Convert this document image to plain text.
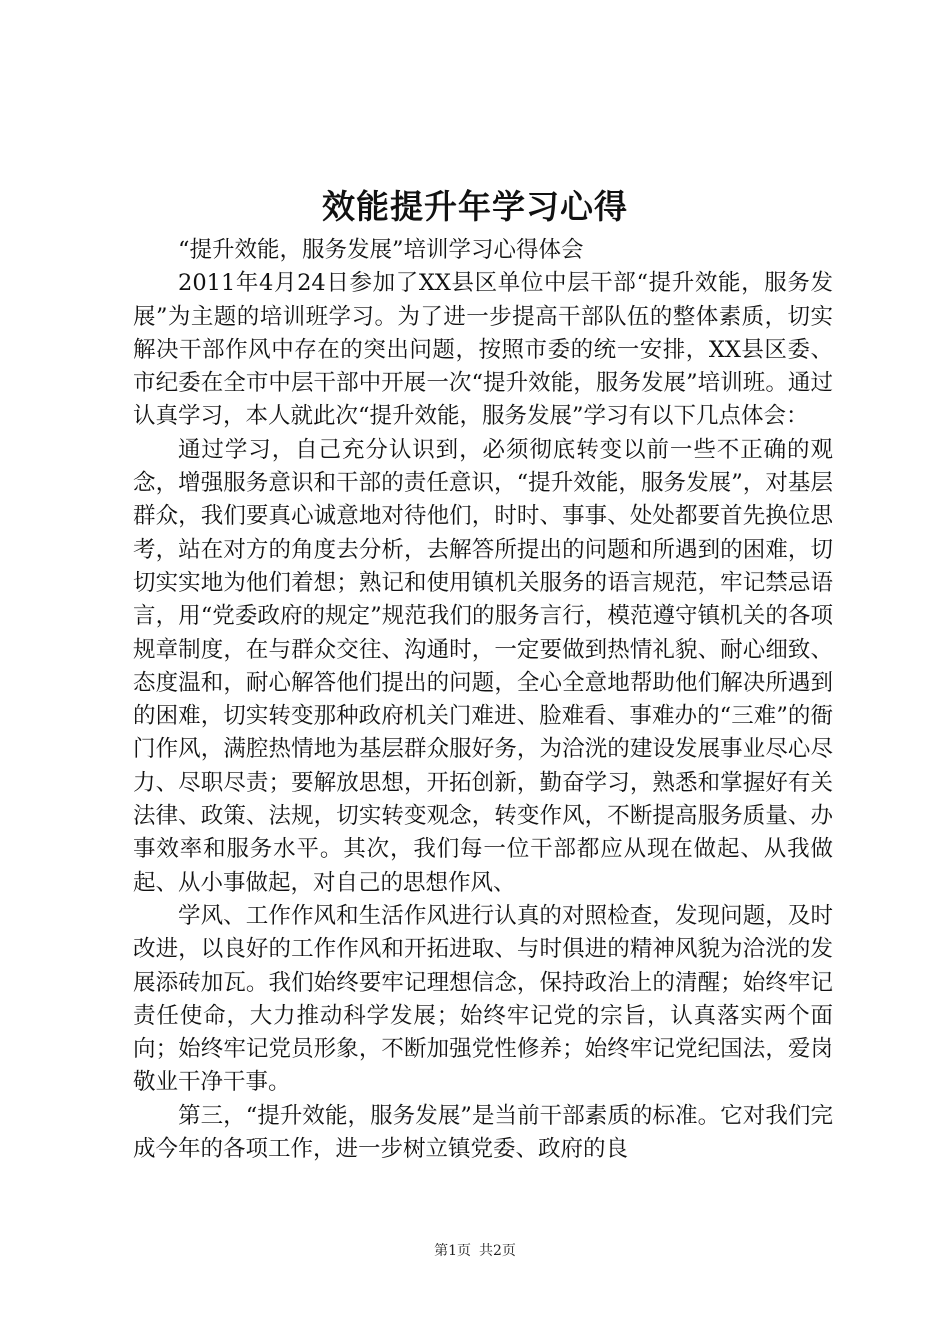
效能提升年学习心得

“提升效能，服务发展”培训学习心得体会

2011年4月24日参加了XX县区单位中层干部“提升效能，服务发展”为主题的培训班学习。为了进一步提高干部队伍的整体素质，切实解决干部作风中存在的突出问题，按照市委的统一安排，XX县区委、市纪委在全市中层干部中开展一次“提升效能，服务发展”培训班。通过认真学习，本人就此次“提升效能，服务发展”学习有以下几点体会：

通过学习，自己充分认识到，必须彻底转变以前一些不正确的观念，增强服务意识和干部的责任意识，“提升效能，服务发展”，对基层群众，我们要真心诚意地对待他们，时时、事事、处处都要首先换位思考，站在对方的角度去分析，去解答所提出的问题和所遇到的困难，切切实实地为他们着想；熟记和使用镇机关服务的语言规范，牢记禁忌语言，用“党委政府的规定”规范我们的服务言行，模范遵守镇机关的各项规章制度，在与群众交往、沟通时，一定要做到热情礼貌、耐心细致、态度温和，耐心解答他们提出的问题，全心全意地帮助他们解决所遇到的困难，切实转变那种政府机关门难进、脸难看、事难办的“三难”的衙门作风，满腔热情地为基层群众服好务，为洽洸的建设发展事业尽心尽力、尽职尽责；要解放思想，开拓创新，勤奋学习，熟悉和掌握好有关法律、政策、法规，切实转变观念，转变作风，不断提高服务质量、办事效率和服务水平。其次，我们每一位干部都应从现在做起、从我做起、从小事做起，对自己的思想作风、

学风、工作作风和生活作风进行认真的对照检查，发现问题，及时改进，以良好的工作作风和开拓进取、与时俱进的精神风貌为洽洸的发展添砖加瓦。我们始终要牢记理想信念，保持政治上的清醒；始终牢记责任使命，大力推动科学发展；始终牢记党的宗旨，认真落实两个面向；始终牢记党员形象，不断加强党性修养；始终牢记党纪国法，爱岗敬业干净干事。

第三，“提升效能，服务发展”是当前干部素质的标准。它对我们完成今年的各项工作，进一步树立镇党委、政府的良

第1页 共2页
